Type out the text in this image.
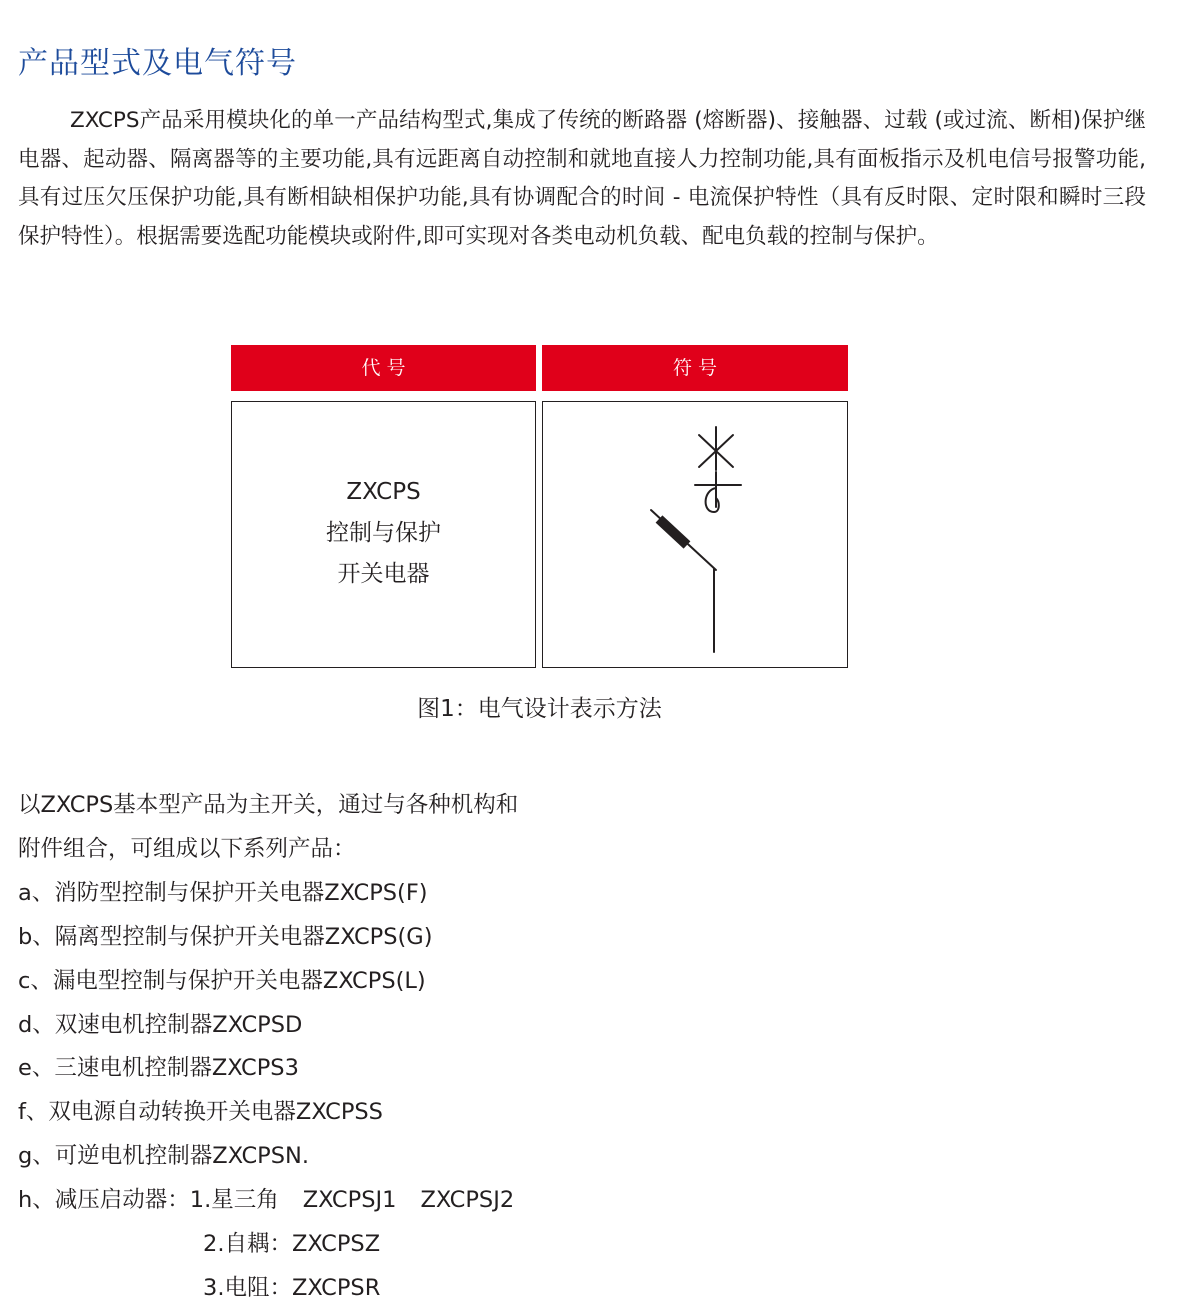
产品型式及电气符号

ZXCPS产品采用模块化的单一产品结构型式,集成了传统的断路器 (熔断器)、接触器、过载 (或过流、断相)保护继电器、起动器、隔离器等的主要功能,具有远距离自动控制和就地直接人力控制功能,具有面板指示及机电信号报警功能,具有过压欠压保护功能,具有断相缺相保护功能,具有协调配合的时间 - 电流保护特性（具有反时限、定时限和瞬时三段保护特性）。根据需要选配功能模块或附件,即可实现对各类电动机负载、配电负载的控制与保护。

代 号	符 号
ZXCPS
控制与保护
开关电器
图1：电气设计表示方法
以ZXCPS基本型产品为主开关，通过与各种机构和
附件组合，可组成以下系列产品：
a、消防型控制与保护开关电器ZXCPS(F)
b、隔离型控制与保护开关电器ZXCPS(G)
c、漏电型控制与保护开关电器ZXCPS(L)
d、双速电机控制器ZXCPSD
e、三速电机控制器ZXCPS3
f、双电源自动转换开关电器ZXCPSS
g、可逆电机控制器ZXCPSN.
h、减压启动器：1.星三角 ZXCPSJ1 ZXCPSJ2
2.自耦：ZXCPSZ
3.电阻：ZXCPSR
